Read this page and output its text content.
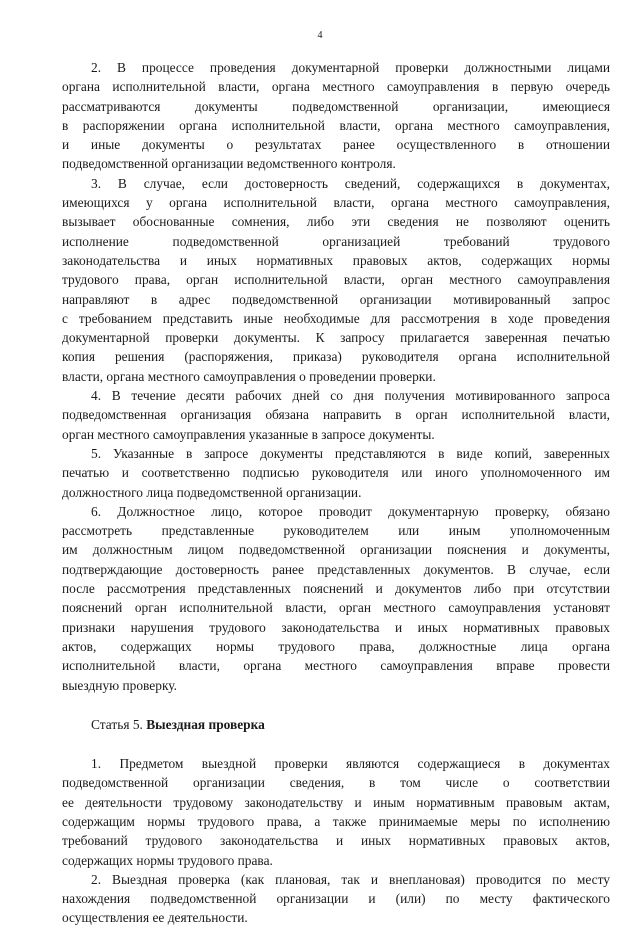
4
2. В процессе проведения документарной проверки должностными лицами
органа исполнительной власти, органа местного самоуправления в первую очередь
рассматриваются документы подведомственной организации, имеющиеся
в распоряжении органа исполнительной власти, органа местного самоуправления,
и иные документы о результатах ранее осуществленного в отношении
подведомственной организации ведомственного контроля.
3. В случае, если достоверность сведений, содержащихся в документах,
имеющихся у органа исполнительной власти, органа местного самоуправления,
вызывает обоснованные сомнения, либо эти сведения не позволяют оценить
исполнение подведомственной организацией требований трудового
законодательства и иных нормативных правовых актов, содержащих нормы
трудового права, орган исполнительной власти, орган местного самоуправления
направляют в адрес подведомственной организации мотивированный запрос
с требованием представить иные необходимые для рассмотрения в ходе проведения
документарной проверки документы. К запросу прилагается заверенная печатью
копия решения (распоряжения, приказа) руководителя органа исполнительной
власти, органа местного самоуправления о проведении проверки.
4. В течение десяти рабочих дней со дня получения мотивированного запроса
подведомственная организация обязана направить в орган исполнительной власти,
орган местного самоуправления указанные в запросе документы.
5. Указанные в запросе документы представляются в виде копий, заверенных
печатью и соответственно подписью руководителя или иного уполномоченного им
должностного лица подведомственной организации.
6. Должностное лицо, которое проводит документарную проверку, обязано
рассмотреть представленные руководителем или иным уполномоченным
им должностным лицом подведомственной организации пояснения и документы,
подтверждающие достоверность ранее представленных документов. В случае, если
после рассмотрения представленных пояснений и документов либо при отсутствии
пояснений орган исполнительной власти, орган местного самоуправления установят
признаки нарушения трудового законодательства и иных нормативных правовых
актов, содержащих нормы трудового права, должностные лица органа
исполнительной власти, органа местного самоуправления вправе провести
выездную проверку.
Статья 5. Выездная проверка
1. Предметом выездной проверки являются содержащиеся в документах
подведомственной организации сведения, в том числе о соответствии
ее деятельности трудовому законодательству и иным нормативным правовым актам,
содержащим нормы трудового права, а также принимаемые меры по исполнению
требований трудового законодательства и иных нормативных правовых актов,
содержащих нормы трудового права.
2. Выездная проверка (как плановая, так и внеплановая) проводится по месту
нахождения подведомственной организации и (или) по месту фактического
осуществления ее деятельности.
